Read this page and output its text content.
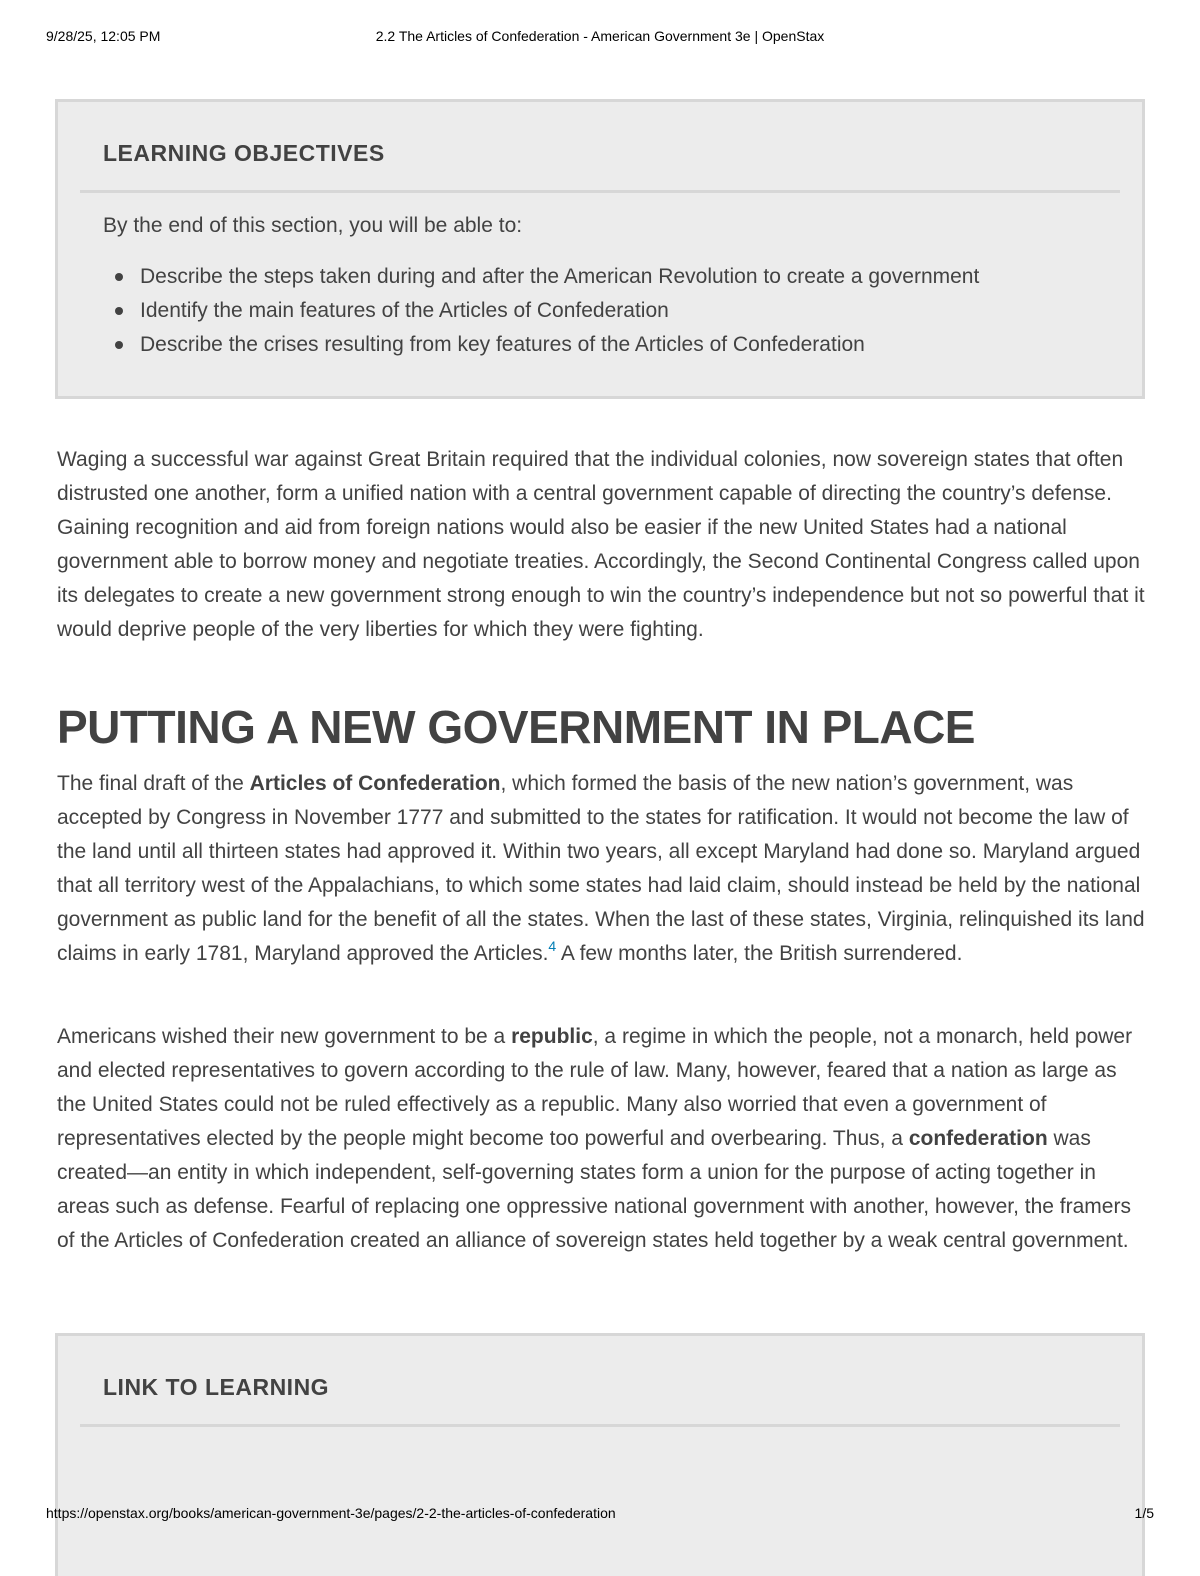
9/28/25, 12:05 PM	2.2 The Articles of Confederation - American Government 3e | OpenStax
LEARNING OBJECTIVES
By the end of this section, you will be able to:
Describe the steps taken during and after the American Revolution to create a government
Identify the main features of the Articles of Confederation
Describe the crises resulting from key features of the Articles of Confederation

Waging a successful war against Great Britain required that the individual colonies, now sovereign states that often distrusted one another, form a unified nation with a central government capable of directing the country’s defense. Gaining recognition and aid from foreign nations would also be easier if the new United States had a national government able to borrow money and negotiate treaties. Accordingly, the Second Continental Congress called upon its delegates to create a new government strong enough to win the country’s independence but not so powerful that it would deprive people of the very liberties for which they were fighting.

PUTTING A NEW GOVERNMENT IN PLACE

The final draft of the Articles of Confederation, which formed the basis of the new nation’s government, was accepted by Congress in November 1777 and submitted to the states for ratification. It would not become the law of the land until all thirteen states had approved it. Within two years, all except Maryland had done so. Maryland argued that all territory west of the Appalachians, to which some states had laid claim, should instead be held by the national government as public land for the benefit of all the states. When the last of these states, Virginia, relinquished its land claims in early 1781, Maryland approved the Articles.$^4$ A few months later, the British surrendered.

Americans wished their new government to be a republic, a regime in which the people, not a monarch, held power and elected representatives to govern according to the rule of law. Many, however, feared that a nation as large as the United States could not be ruled effectively as a republic. Many also worried that even a government of representatives elected by the people might become too powerful and overbearing. Thus, a confederation was created—an entity in which independent, self-governing states form a union for the purpose of acting together in areas such as defense. Fearful of replacing one oppressive national government with another, however, the framers of the Articles of Confederation created an alliance of sovereign states held together by a weak central government.

LINK TO LEARNING
https://openstax.org/books/american-government-3e/pages/2-2-the-articles-of-confederation	1/5
